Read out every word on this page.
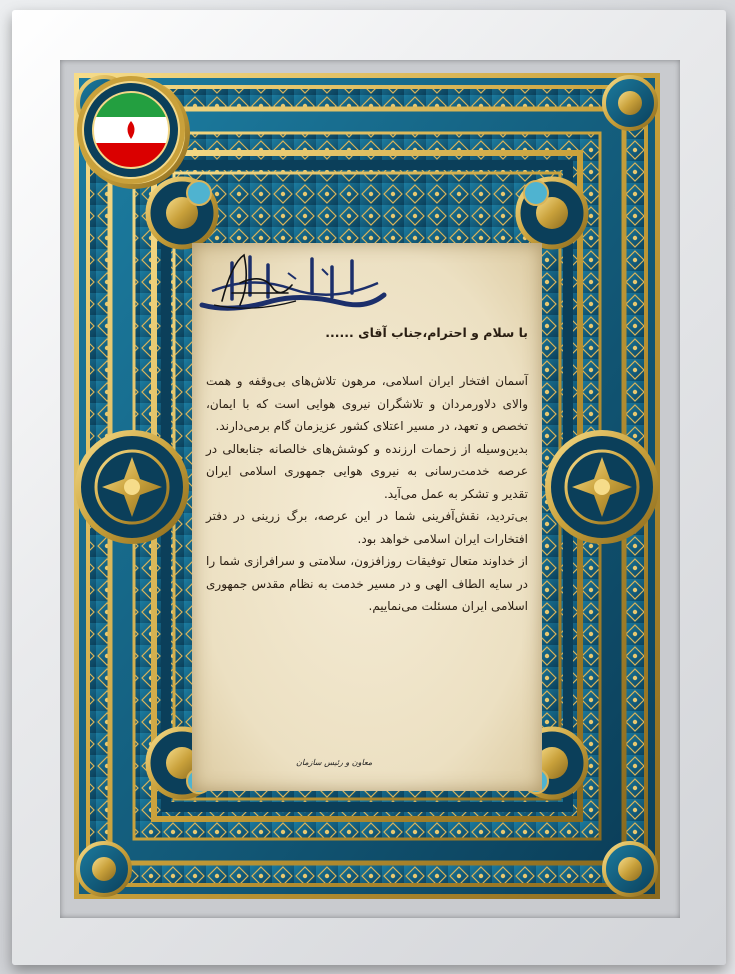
با سلام و احترام،جناب آقای ......

آسمان افتخار ایران اسلامی، مرهون تلاش‌های بی‌وقفه و همت والای دلاورمردان و تلاشگران نیروی هوایی است که با ایمان، تخصص و تعهد، در مسیر اعتلای کشور عزیزمان گام برمی‌دارند.

بدین‌وسیله از زحمات ارزنده و کوشش‌های خالصانه جنابعالی در عرصه خدمت‌رسانی به نیروی هوایی جمهوری اسلامی ایران تقدیر و تشکر به عمل می‌آید.

بی‌تردید، نقش‌آفرینی شما در این عرصه، برگ زرینی در دفتر افتخارات ایران اسلامی خواهد بود.

از خداوند متعال توفیقات روزافزون، سلامتی و سرافرازی شما را در سایه الطاف الهی و در مسیر خدمت به نظام مقدس جمهوری اسلامی ایران مسئلت می‌نماییم.

معاون و رئیس سازمان
